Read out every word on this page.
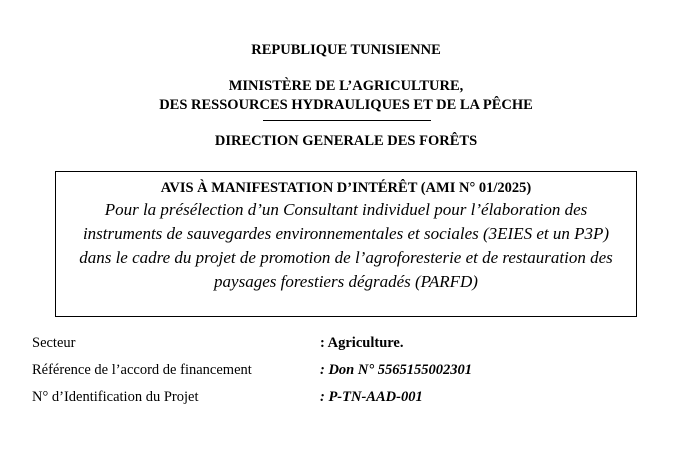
REPUBLIQUE TUNISIENNE
MINISTÈRE DE L’AGRICULTURE,
DES RESSOURCES HYDRAULIQUES ET DE LA PÊCHE
DIRECTION GENERALE DES FORÊTS
AVIS À MANIFESTATION D’INTÉRÊT (AMI N° 01/2025)
Pour la présélection d’un Consultant individuel pour l’élaboration des instruments de sauvegardes environnementales et sociales (3EIES et un P3P) dans le cadre du projet de promotion de l’agroforesterie et de restauration des paysages forestiers dégradés (PARFD)
Secteur	: Agriculture.
Référence de l’accord de financement	: Don N° 5565155002301
N° d’Identification du Projet	: P-TN-AAD-001
